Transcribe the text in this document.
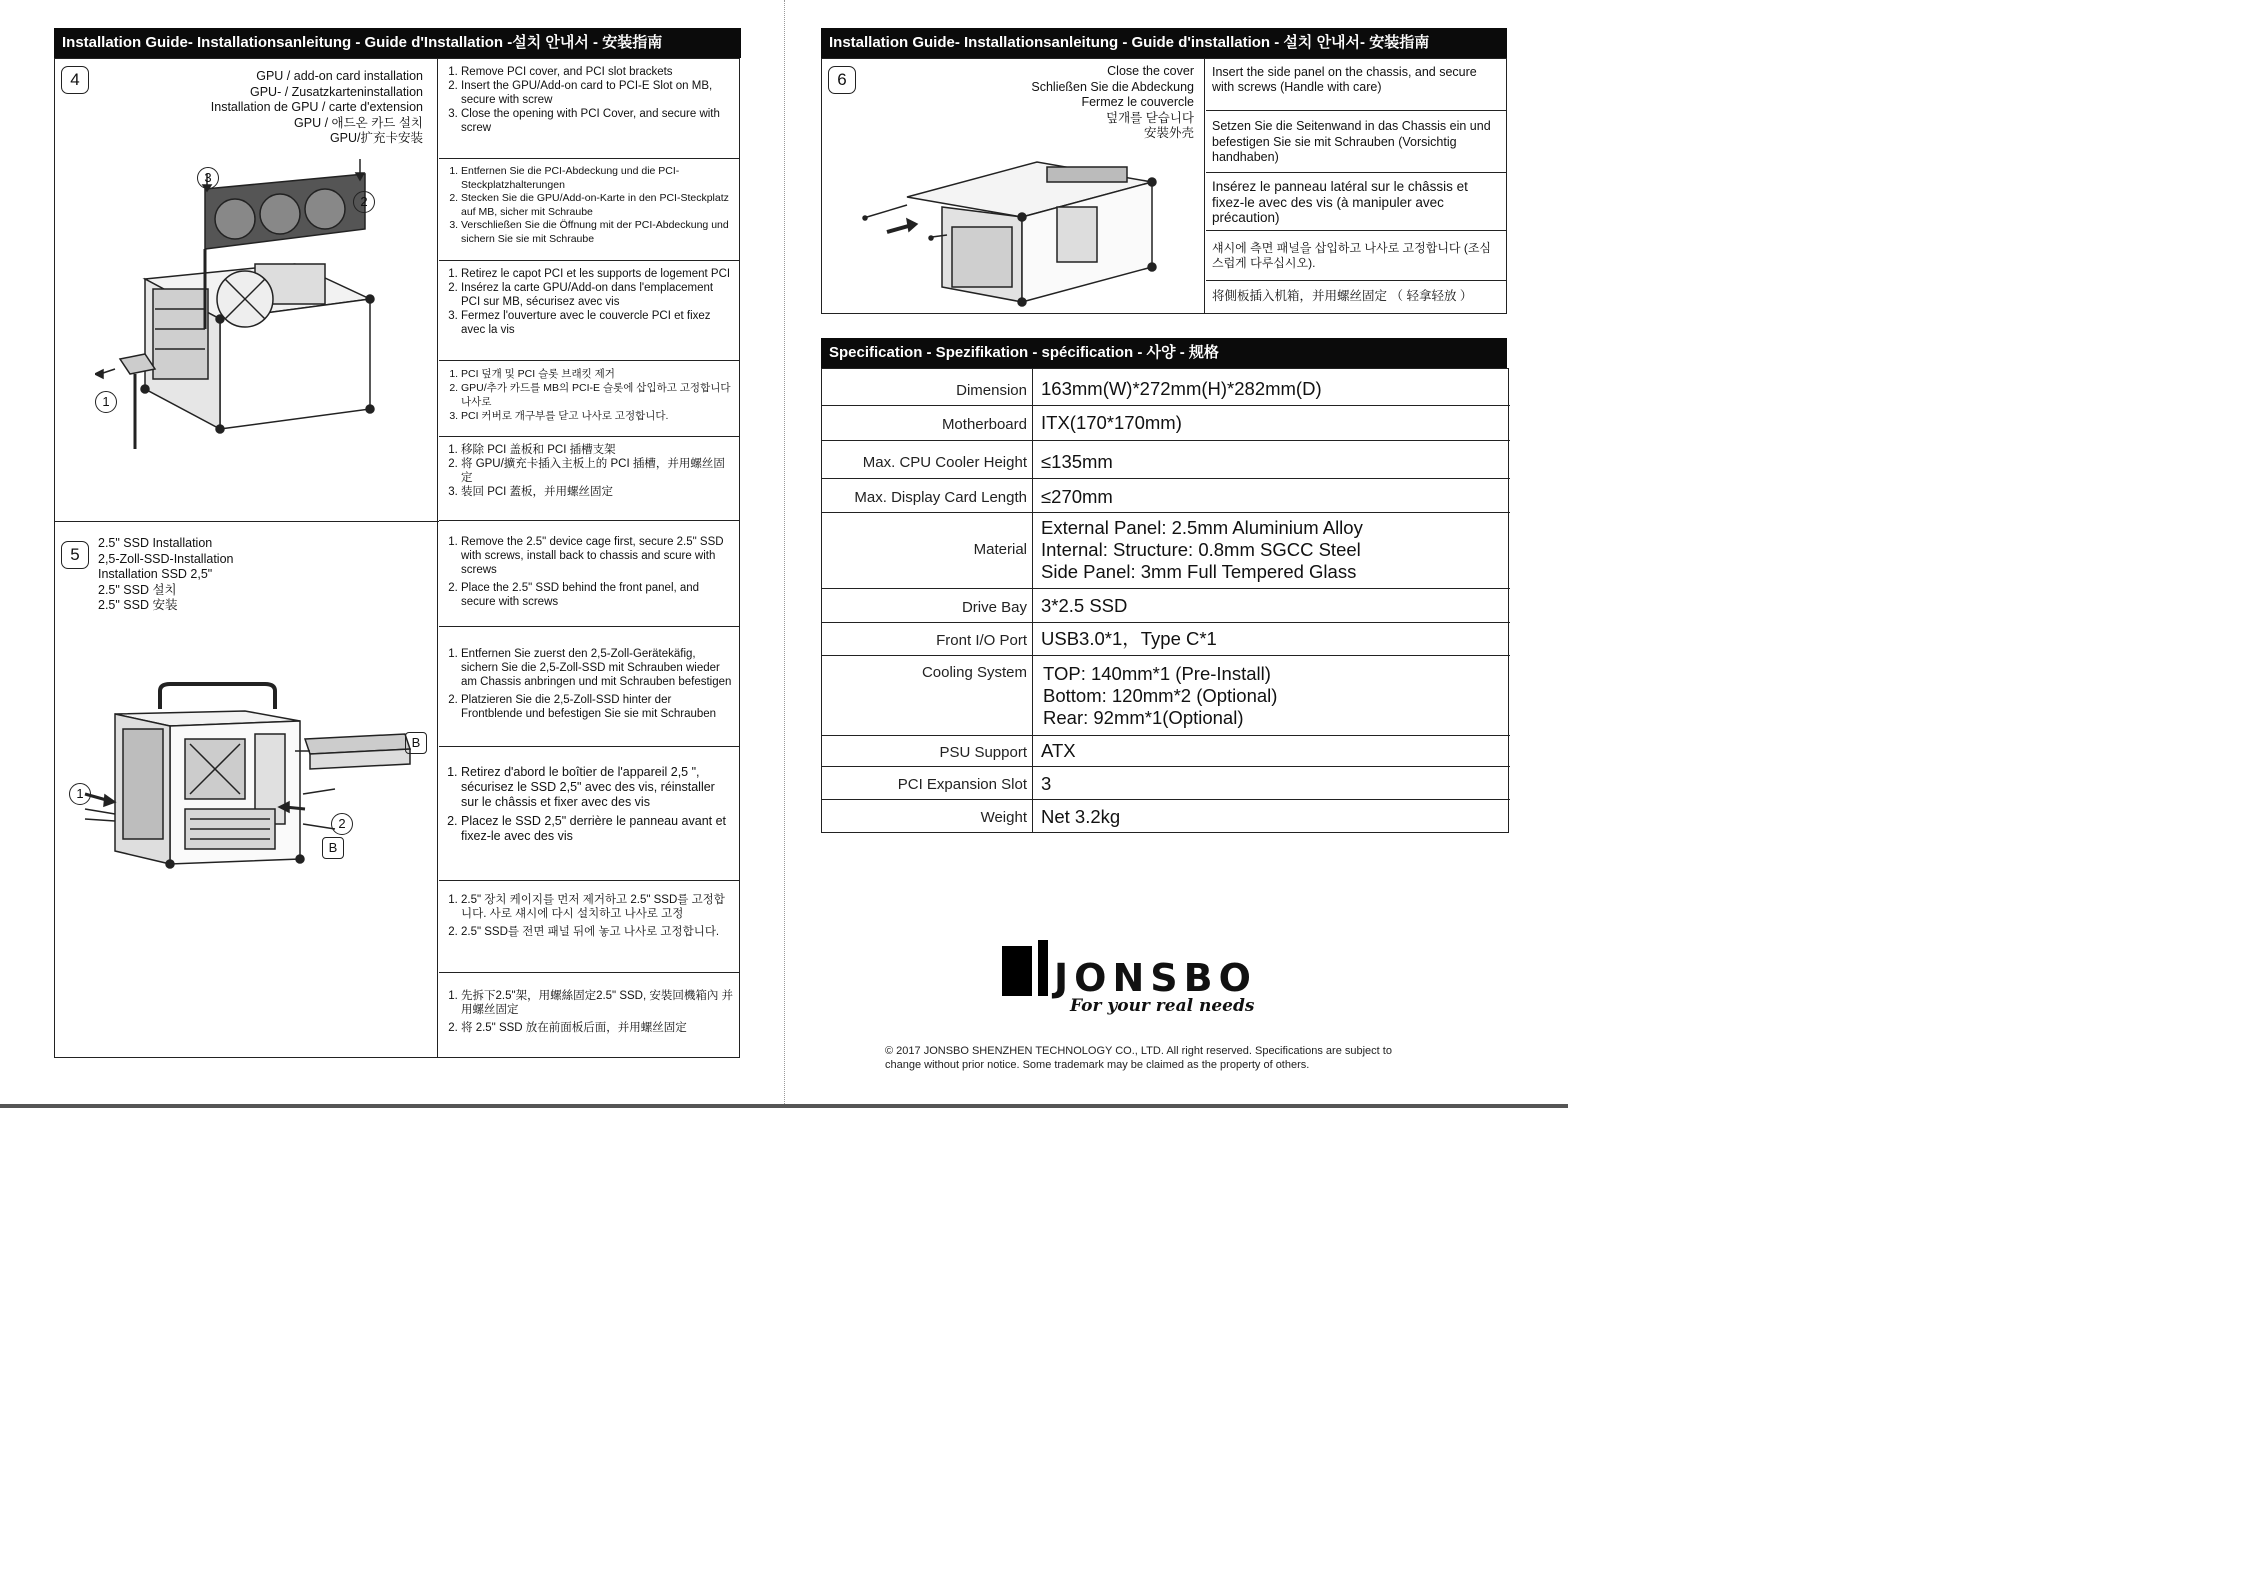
Installation Guide- Installationsanleitung - Guide d'Installation -설치 안내서 - 安装指南
4	GPU / add-on card installation
GPU- / Zusatzkarteninstallation
Installation de GPU / carte d'extension
GPU / 애드온 카드 설치
GPU/扩充卡安装
3
2
1
1. Remove PCI cover, and PCI slot brackets
2. Insert the GPU/Add-on card to PCI-E Slot on MB, secure with screw
3. Close the opening with PCI Cover, and secure with screw
1. Entfernen Sie die PCI-Abdeckung und die PCI-Steckplatzhalterungen
2. Stecken Sie die GPU/Add-on-Karte in den PCI-Steckplatz auf MB, sicher mit Schraube
3. Verschließen Sie die Öffnung mit der PCI-Abdeckung und sichern Sie sie mit Schraube
1. Retirez le capot PCI et les supports de logement PCI
2. Insérez la carte GPU/Add-on dans l'emplacement PCI sur MB, sécurisez avec vis
3. Fermez l'ouverture avec le couvercle PCI et fixez avec la vis
1. PCI 덮개 및 PCI 슬롯 브래킷 제거
2. GPU/추가 카드를 MB의 PCI-E 슬롯에 삽입하고 고정합니다 나사로
3. PCI 커버로 개구부를 닫고 나사로 고정합니다.
1. 移除 PCI 盖板和 PCI 插槽支架
2. 将 GPU/擴充卡插入主板上的 PCI 插槽，并用螺丝固定
3. 装回 PCI 蓋板，并用螺丝固定
5
2.5" SSD Installation
2,5-Zoll-SSD-Installation
Installation SSD 2,5"
2.5" SSD 설치
2.5" SSD 安装
1
2
B
B
1. Remove the 2.5" device cage first, secure 2.5" SSD with screws, install back to chassis and scure with screws
2. Place the 2.5" SSD behind the front panel, and secure with screws
1. Entfernen Sie zuerst den 2,5-Zoll-Gerätekäfig, sichern Sie die 2,5-Zoll-SSD mit Schrauben wieder am Chassis anbringen und mit Schrauben befestigen
2. Platzieren Sie die 2,5-Zoll-SSD hinter der Frontblende und befestigen Sie sie mit Schrauben
1. Retirez d'abord le boîtier de l'appareil 2,5 ", sécurisez le SSD 2,5" avec des vis, réinstaller sur le châssis et fixer avec des vis
2. Placez le SSD 2,5" derrière le panneau avant et fixez-le avec des vis
1. 2.5" 장치 케이지를 먼저 제거하고 2.5" SSD를 고정합니다. 사로 섀시에 다시 설치하고 나사로 고정
2. 2.5" SSD를 전면 패널 뒤에 놓고 나사로 고정합니다.
1. 先拆下2.5"架，用螺絲固定2.5" SSD, 安裝回機箱內 并用螺丝固定
2. 将 2.5" SSD 放在前面板后面，并用螺丝固定
Installation Guide- Installationsanleitung - Guide d'installation - 설치 안내서- 安装指南
6	Close the cover
Schließen Sie die Abdeckung
Fermez le couvercle
덮개를 닫습니다
安裝外壳
Insert the side panel on the chassis, and secure with screws (Handle with care)
Setzen Sie die Seitenwand in das Chassis ein und befestigen Sie sie mit Schrauben (Vorsichtig handhaben)
Insérez le panneau latéral sur le châssis et fixez-le avec des vis (à manipuler avec précaution)
섀시에 측면 패널을 삽입하고 나사로 고정합니다 (조심스럽게 다루십시오).
将側板插入机箱，并用螺丝固定 （ 轻拿轻放 ）
Specification - Spezifikation - spécification - 사양 - 规格
Dimension 163mm(W)*272mm(H)*282mm(D)
Motherboard ITX(170*170mm)
Max. CPU Cooler Height ≤135mm
Max. Display Card Length ≤270mm
Material
External Panel: 2.5mm Aluminium Alloy
Internal: Structure: 0.8mm SGCC Steel
Side Panel: 3mm Full Tempered Glass
Drive Bay 3*2.5 SSD
Front I/O Port USB3.0*1，Type C*1
Cooling System TOP: 140mm*1 (Pre-Install)
Bottom: 120mm*2 (Optional)
Rear: 92mm*1(Optional)
PSU Support ATX
PCI Expansion Slot 3
Weight Net 3.2kg
JONSBO
For your real needs
© 2017 JONSBO SHENZHEN TECHNOLOGY CO., LTD. All right reserved. Specifications are subject to change without prior notice. Some trademark may be claimed as the property of others.
